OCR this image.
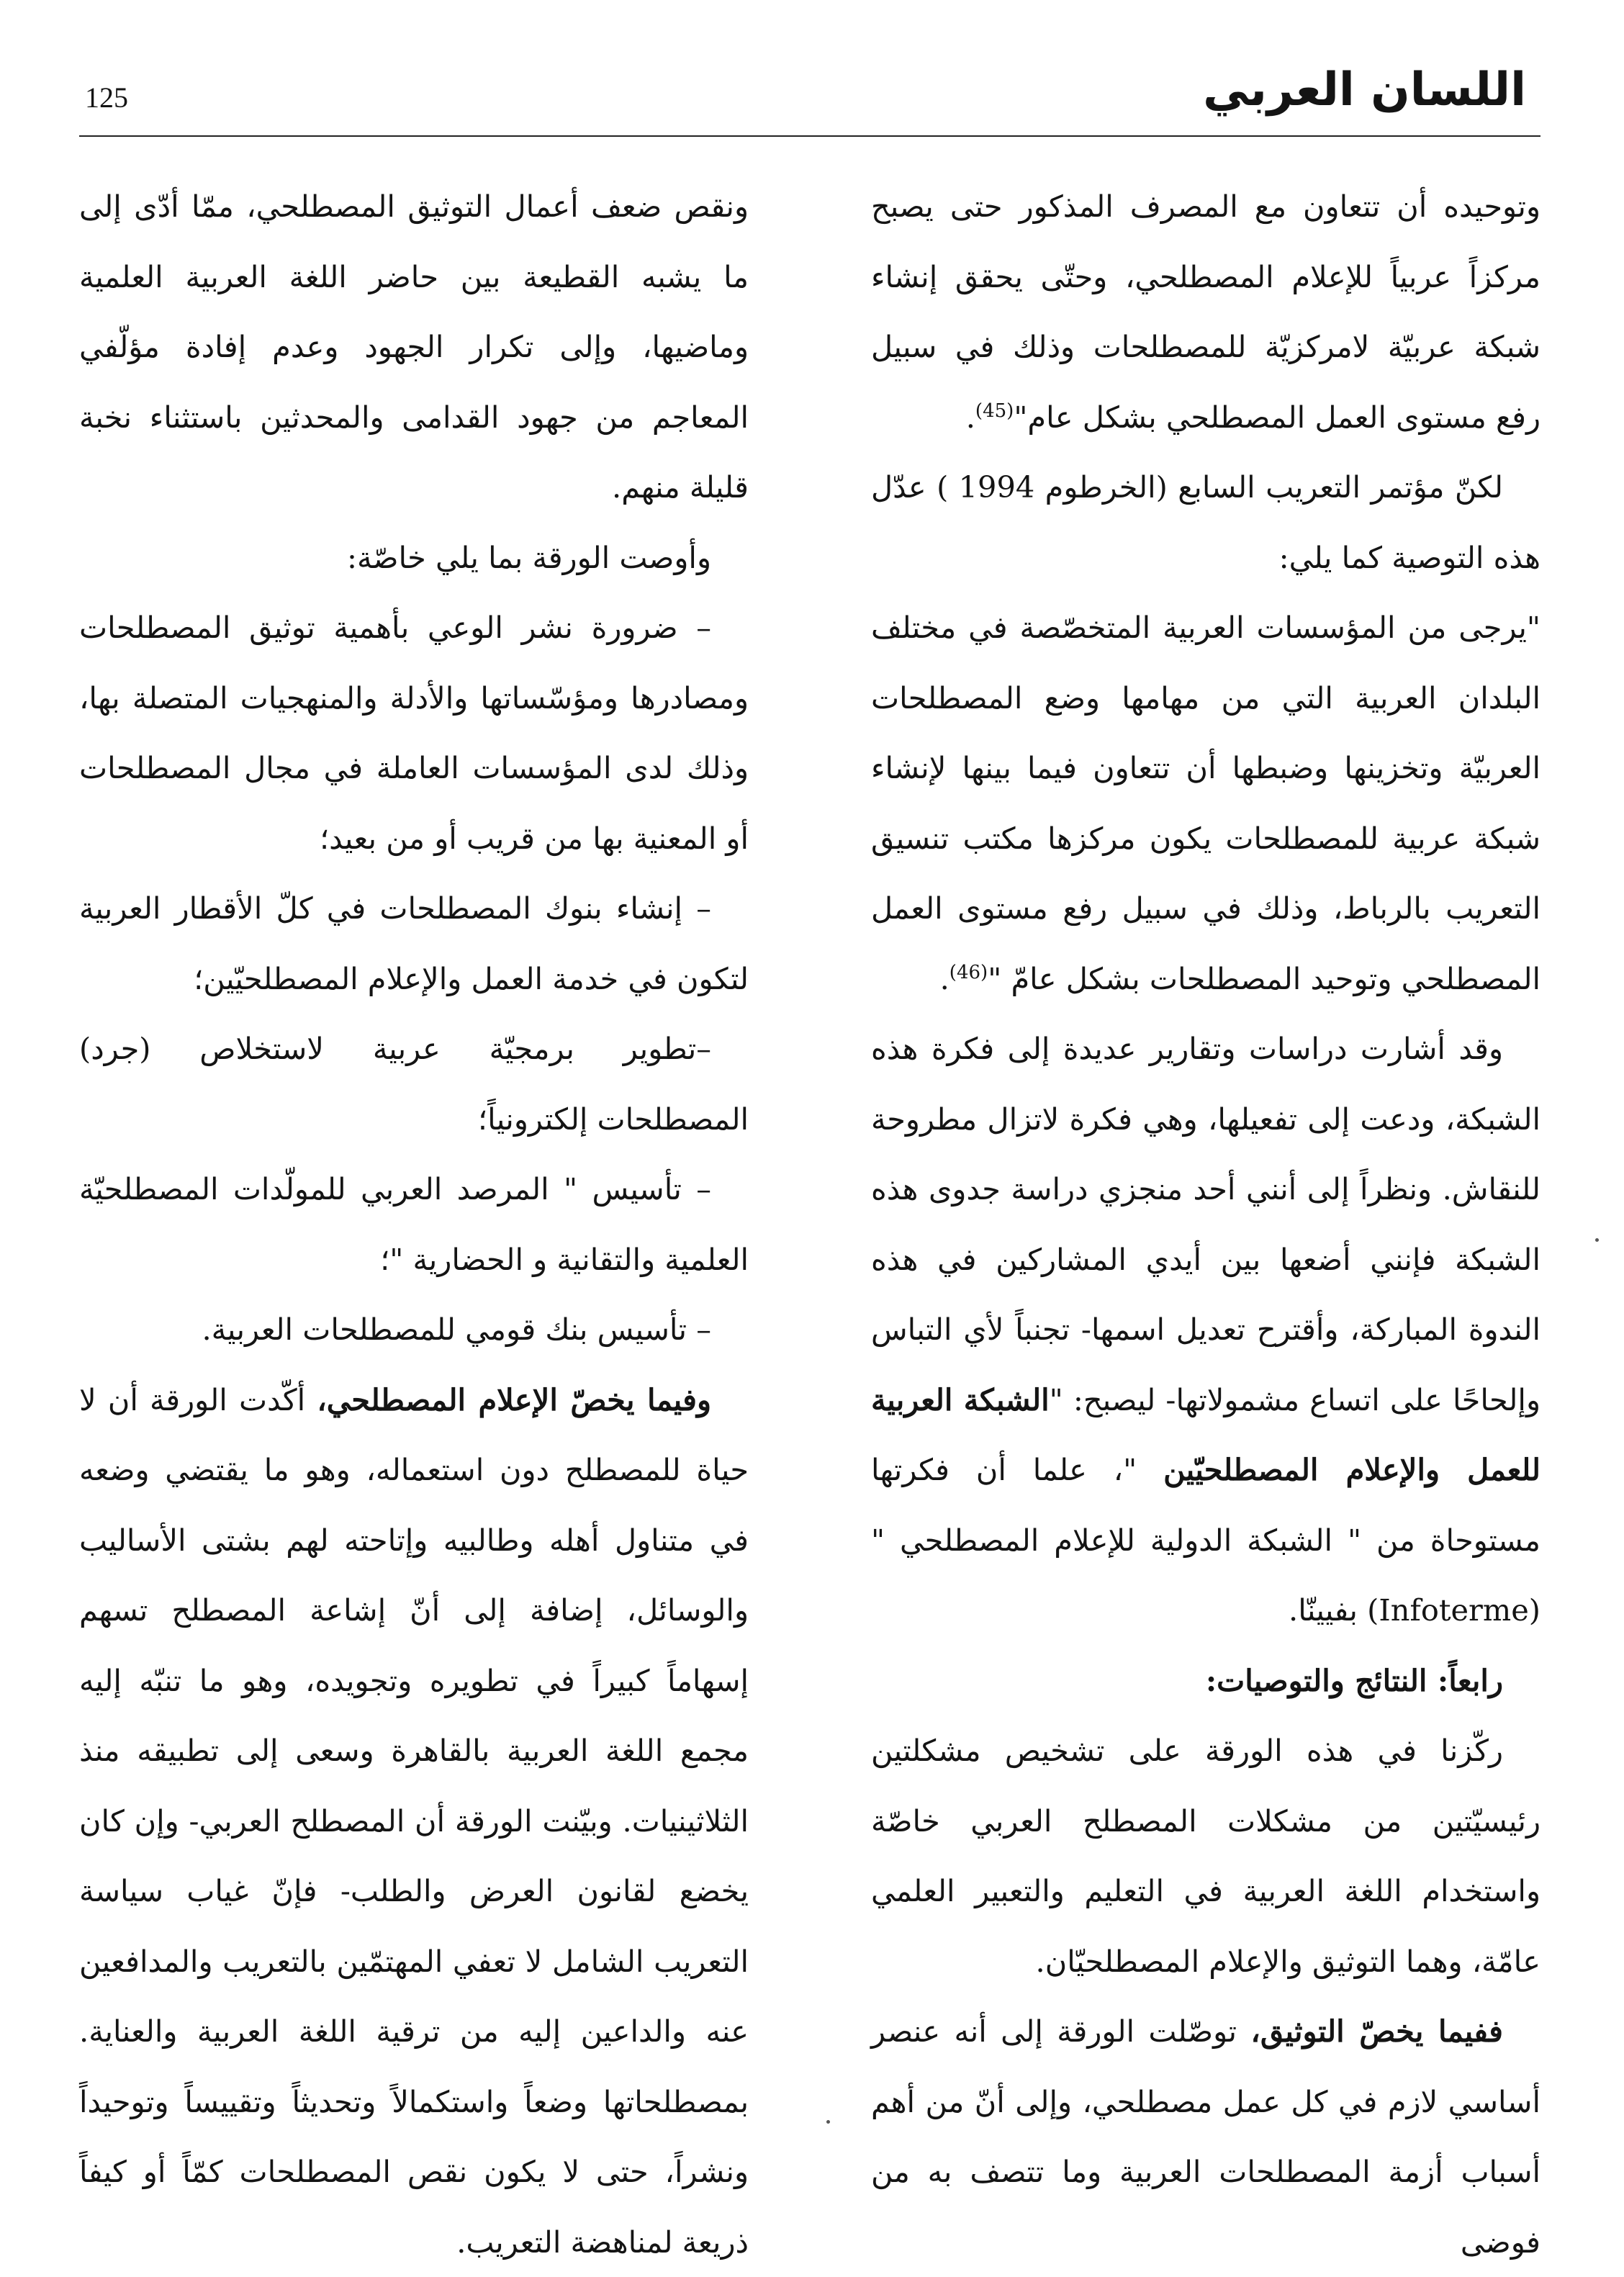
اللسان العربي
125

وتوحيده أن تتعاون مع المصرف المذكور حتى يصبح مركزاً عربياً للإعلام المصطلحي، وحتّى يحقق إنشاء شبكة عربيّة لامركزيّة للمصطلحات وذلك في سبيل رفع مستوى العمل المصطلحي بشكل عام"$^{(45)}$.

لكنّ مؤتمر التعريب السابع (الخرطوم 1994 ) عدّل هذه التوصية كما يلي:

"يرجى من المؤسسات العربية المتخصّصة في مختلف البلدان العربية التي من مهامها وضع المصطلحات العربيّة وتخزينها وضبطها أن تتعاون فيما بينها لإنشاء شبكة عربية للمصطلحات يكون مركزها مكتب تنسيق التعريب بالرباط، وذلك في سبيل رفع مستوى العمل المصطلحي وتوحيد المصطلحات بشكل عامّ "$^{(46)}$.

وقد أشارت دراسات وتقارير عديدة إلى فكرة هذه الشبكة، ودعت إلى تفعيلها، وهي فكرة لاتزال مطروحة للنقاش. ونظراً إلى أنني أحد منجزي دراسة جدوى هذه الشبكة فإنني أضعها بين أيدي المشاركين في هذه الندوة المباركة، وأقترح تعديل اسمها- تجنباً لأي التباس وإلحاحًا على اتساع مشمولاتها- ليصبح: "الشبكة العربية للعمل والإعلام المصطلحيّين "، علما أن فكرتها مستوحاة من " الشبكة الدولية للإعلام المصطلحي " (Infoterme) بفيينّا.

رابعاً: النتائج والتوصيات:

ركّزنا في هذه الورقة على تشخيص مشكلتين رئيسيّتين من مشكلات المصطلح العربي خاصّة واستخدام اللغة العربية في التعليم والتعبير العلمي عامّة، وهما التوثيق والإعلام المصطلحيّان.

ففيما يخصّ التوثيق، توصّلت الورقة إلى أنه عنصر أساسي لازم في كل عمل مصطلحي، وإلى أنّ من أهم أسباب أزمة المصطلحات العربية وما تتصف به من فوضى

ونقص ضعف أعمال التوثيق المصطلحي، ممّا أدّى إلى ما يشبه القطيعة بين حاضر اللغة العربية العلمية وماضيها، وإلى تكرار الجهود وعدم إفادة مؤلّفي المعاجم من جهود القدامى والمحدثين باستثناء نخبة قليلة منهم.

وأوصت الورقة بما يلي خاصّة:

– ضرورة نشر الوعي بأهمية توثيق المصطلحات ومصادرها ومؤسّساتها والأدلة والمنهجيات المتصلة بها، وذلك لدى المؤسسات العاملة في مجال المصطلحات أو المعنية بها من قريب أو من بعيد؛

– إنشاء بنوك المصطلحات في كلّ الأقطار العربية لتكون في خدمة العمل والإعلام المصطلحيّين؛

–تطوير برمجيّة عربية لاستخلاص (جرد) المصطلحات إلكترونياً؛

– تأسيس " المرصد العربي للمولّدات المصطلحيّة العلمية والتقانية و الحضارية "؛

– تأسيس بنك قومي للمصطلحات العربية.

وفيما يخصّ الإعلام المصطلحي، أكّدت الورقة أن لا حياة للمصطلح دون استعماله، وهو ما يقتضي وضعه في متناول أهله وطالبيه وإتاحته لهم بشتى الأساليب والوسائل، إضافة إلى أنّ إشاعة المصطلح تسهم إسهاماً كبيراً في تطويره وتجويده، وهو ما تنبّه إليه مجمع اللغة العربية بالقاهرة وسعى إلى تطبيقه منذ الثلاثينيات. وبيّنت الورقة أن المصطلح العربي- وإن كان يخضع لقانون العرض والطلب- فإنّ غياب سياسة التعريب الشامل لا تعفي المهتمّين بالتعريب والمدافعين عنه والداعين إليه من ترقية اللغة العربية والعناية. بمصطلحاتها وضعاً واستكمالاً وتحديثاً وتقييساً وتوحيداً ونشراً، حتى لا يكون نقص المصطلحات كمّاً أو كيفاً ذريعة لمناهضة التعريب.
